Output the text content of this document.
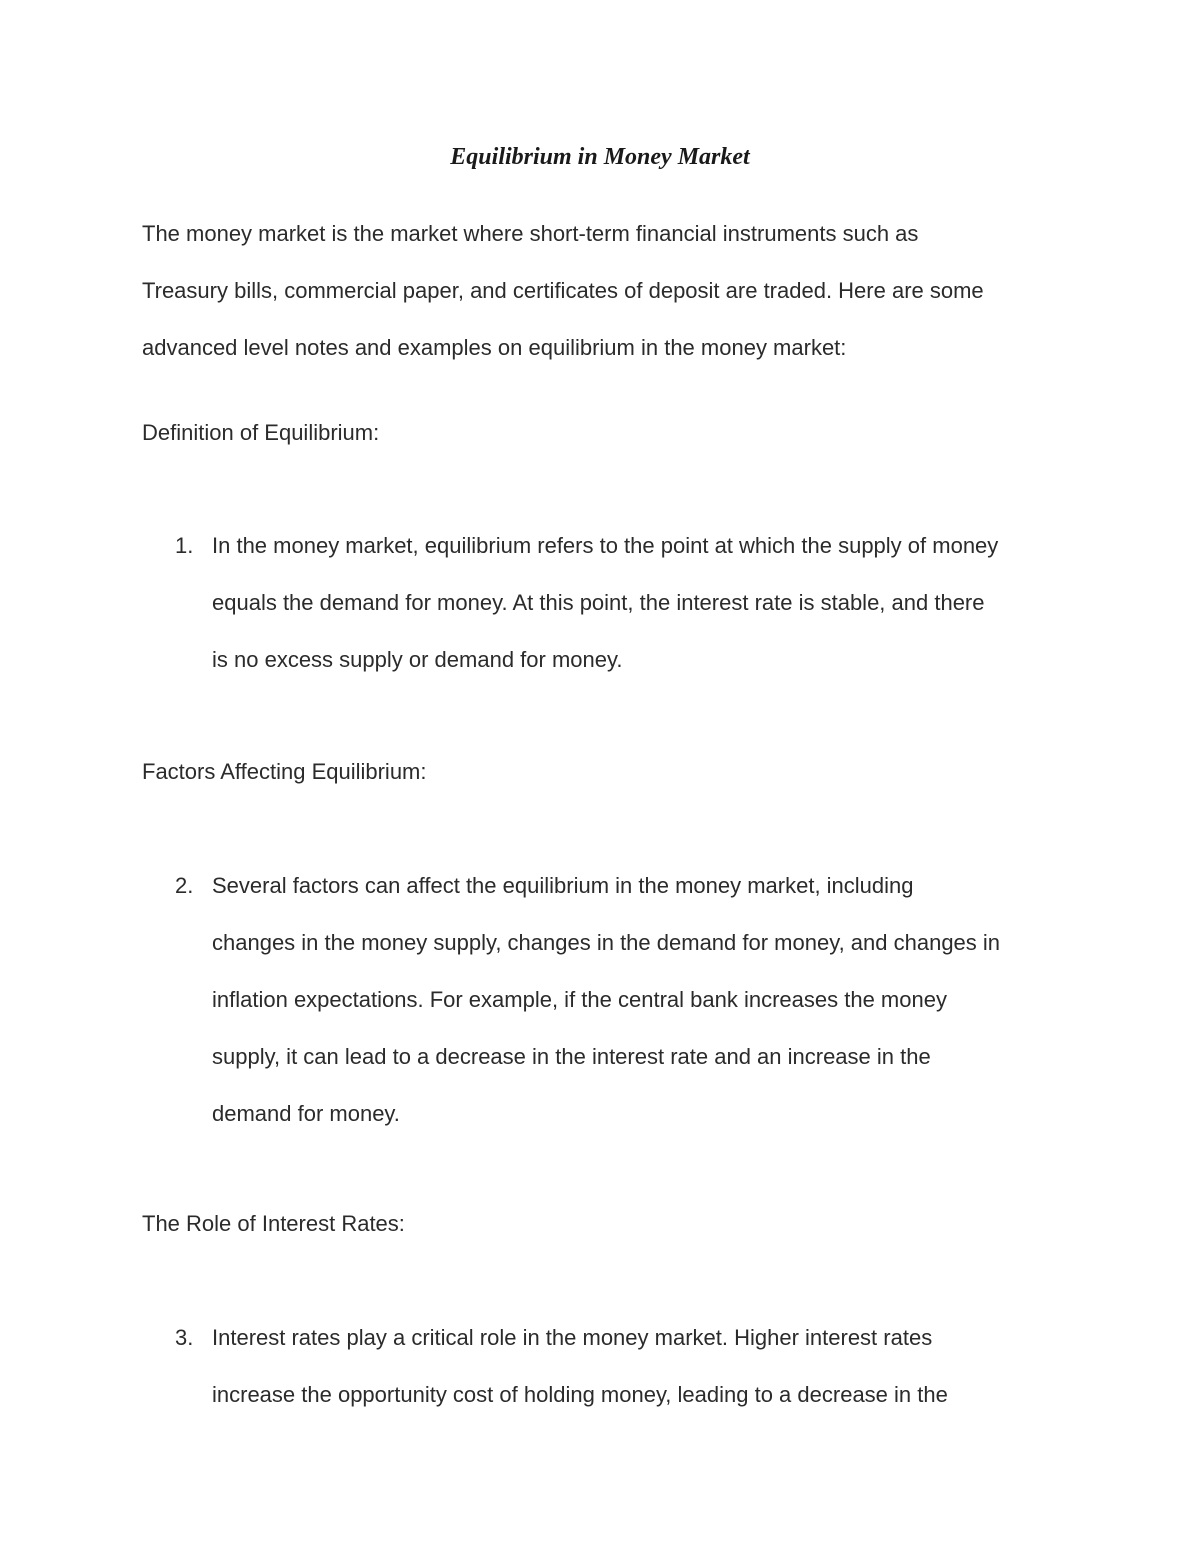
Equilibrium in Money Market
The money market is the market where short-term financial instruments such as
Treasury bills, commercial paper, and certificates of deposit are traded. Here are some
advanced level notes and examples on equilibrium in the money market:
Definition of Equilibrium:
1. In the money market, equilibrium refers to the point at which the supply of money
equals the demand for money. At this point, the interest rate is stable, and there
is no excess supply or demand for money.
Factors Affecting Equilibrium:
2. Several factors can affect the equilibrium in the money market, including
changes in the money supply, changes in the demand for money, and changes in
inflation expectations. For example, if the central bank increases the money
supply, it can lead to a decrease in the interest rate and an increase in the
demand for money.
The Role of Interest Rates:
3. Interest rates play a critical role in the money market. Higher interest rates
increase the opportunity cost of holding money, leading to a decrease in the
